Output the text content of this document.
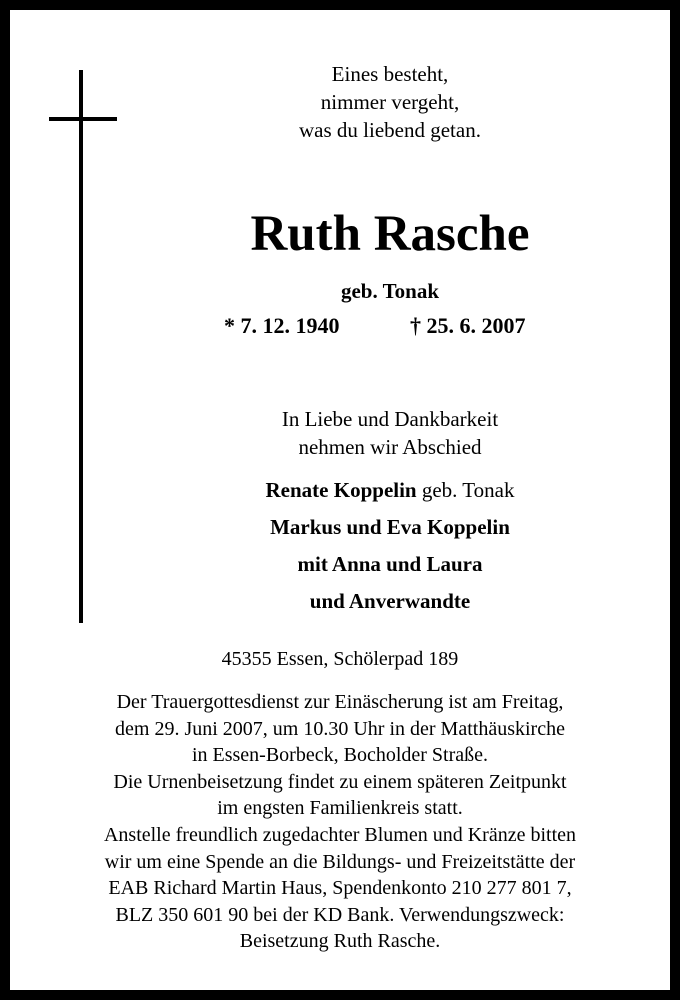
Eines besteht,
nimmer vergeht,
was du liebend getan.
Ruth Rasche
geb. Tonak
* 7. 12. 1940	† 25. 6. 2007
In Liebe und Dankbarkeit
nehmen wir Abschied
Renate Koppelin geb. Tonak
Markus und Eva Koppelin
mit Anna und Laura
und Anverwandte
45355 Essen, Schölerpad 189
Der Trauergottesdienst zur Einäscherung ist am Freitag,
dem 29. Juni 2007, um 10.30 Uhr in der Matthäuskirche
in Essen-Borbeck, Bocholder Straße.
Die Urnenbeisetzung findet zu einem späteren Zeitpunkt
im engsten Familienkreis statt.
Anstelle freundlich zugedachter Blumen und Kränze bitten
wir um eine Spende an die Bildungs- und Freizeitstätte der
EAB Richard Martin Haus, Spendenkonto 210 277 801 7,
BLZ 350 601 90 bei der KD Bank. Verwendungszweck:
Beisetzung Ruth Rasche.
